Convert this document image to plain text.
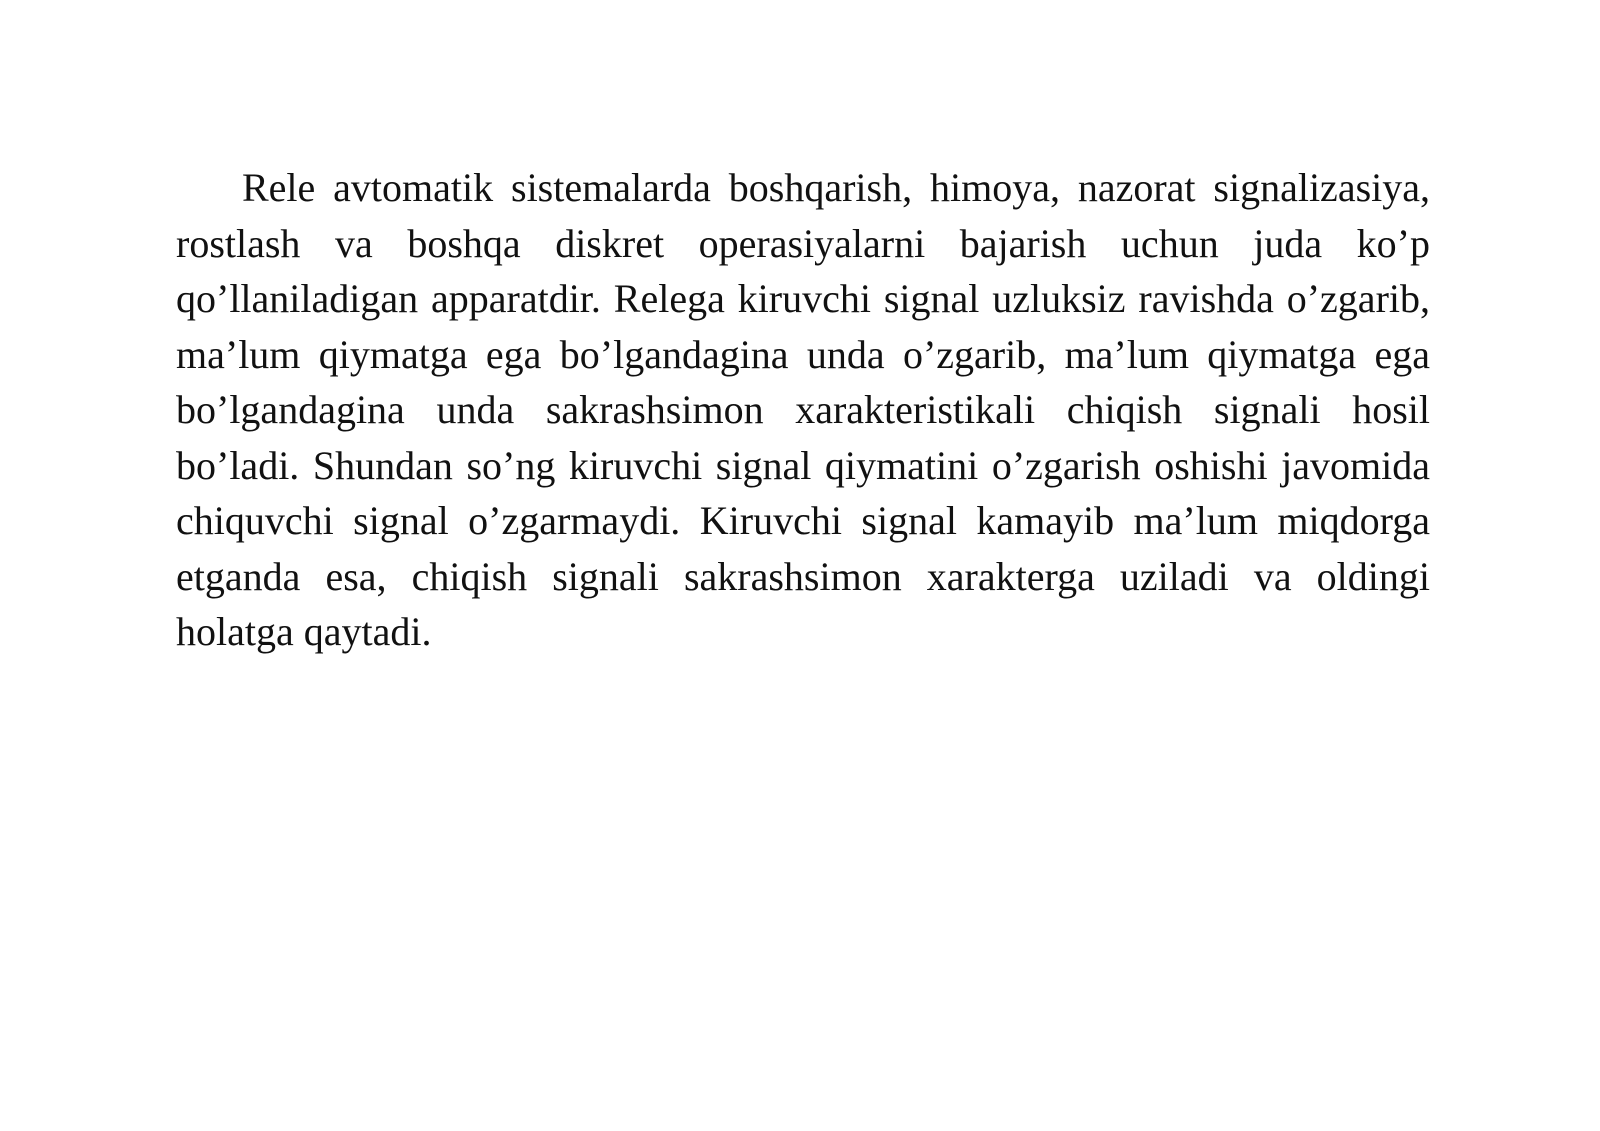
Rele avtomatik sistemalarda boshqarish, himoya, nazorat signalizasiya, rostlash va boshqa diskret operasiyalarni bajarish uchun juda ko’p qo’llaniladigan apparatdir. Relega kiruvchi signal uzluksiz ravishda o’zgarib, ma’lum qiymatga ega bo’lgandagina unda o’zgarib, ma’lum qiymatga ega bo’lgandagina unda sakrashsimon xarakteristikali chiqish signali hosil bo’ladi. Shundan so’ng kiruvchi signal qiymatini o’zgarish oshishi javomida chiquvchi signal o’zgarmaydi. Kiruvchi signal kamayib ma’lum miqdorga etganda esa, chiqish signali sakrashsimon xarakterga uziladi va oldingi holatga qaytadi.
